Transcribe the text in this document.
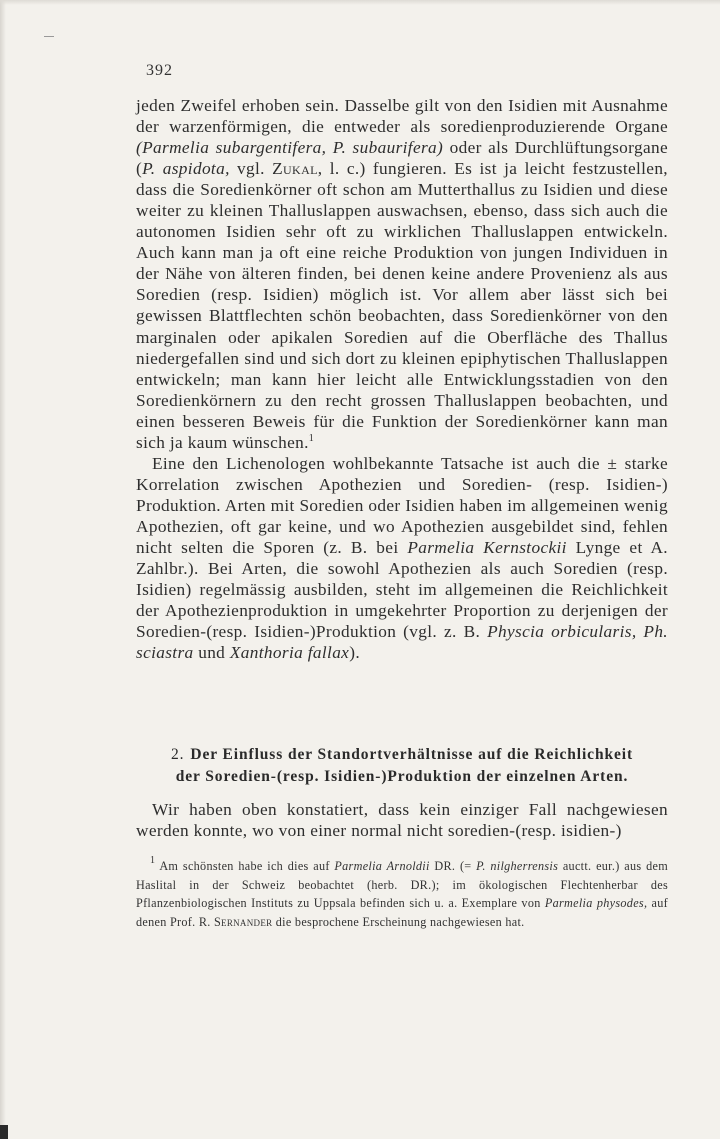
392

jeden Zweifel erhoben sein. Dasselbe gilt von den Isidien mit Ausnahme der warzenförmigen, die entweder als soredienproduzierende Organe (Parmelia subargentifera, P. subaurifera) oder als Durchlüftungsorgane (P. aspidota, vgl. Zukal, l. c.) fungieren. Es ist ja leicht festzustellen, dass die Soredienkörner oft schon am Mutterthallus zu Isidien und diese weiter zu kleinen Thalluslappen auswachsen, ebenso, dass sich auch die autonomen Isidien sehr oft zu wirklichen Thalluslappen entwickeln. Auch kann man ja oft eine reiche Produktion von jungen Individuen in der Nähe von älteren finden, bei denen keine andere Provenienz als aus Soredien (resp. Isidien) möglich ist. Vor allem aber lässt sich bei gewissen Blattflechten schön beobachten, dass Soredienkörner von den marginalen oder apikalen Soredien auf die Oberfläche des Thallus niedergefallen sind und sich dort zu kleinen epiphytischen Thalluslappen entwickeln; man kann hier leicht alle Entwicklungsstadien von den Soredienkörnern zu den recht grossen Thalluslappen beobachten, und einen besseren Beweis für die Funktion der Soredienkörner kann man sich ja kaum wünschen.$^1$

Eine den Lichenologen wohlbekannte Tatsache ist auch die ± starke Korrelation zwischen Apothezien und Soredien- (resp. Isidien-) Produktion. Arten mit Soredien oder Isidien haben im allgemeinen wenig Apothezien, oft gar keine, und wo Apothezien ausgebildet sind, fehlen nicht selten die Sporen (z. B. bei Parmelia Kernstockii Lynge et A. Zahlbr.). Bei Arten, die sowohl Apothezien als auch Soredien (resp. Isidien) regelmässig ausbilden, steht im allgemeinen die Reichlichkeit der Apothezienproduktion in umgekehrter Proportion zu derjenigen der Soredien-(resp. Isidien-)Produktion (vgl. z. B. Physcia orbicularis, Ph. sciastra und Xanthoria fallax).

2. Der Einfluss der Standortverhältnisse auf die Reichlichkeit
der Soredien-(resp. Isidien-)Produktion der einzelnen Arten.

Wir haben oben konstatiert, dass kein einziger Fall nachgewiesen werden konnte, wo von einer normal nicht soredien-(resp. isidien-)

$^1$ Am schönsten habe ich dies auf Parmelia Arnoldii DR. (= P. nilgherrensis auctt. eur.) aus dem Haslital in der Schweiz beobachtet (herb. DR.); im ökologischen Flechtenherbar des Pflanzenbiologischen Instituts zu Uppsala befinden sich u. a. Exemplare von Parmelia physodes, auf denen Prof. R. Sernander die besprochene Erscheinung nachgewiesen hat.
